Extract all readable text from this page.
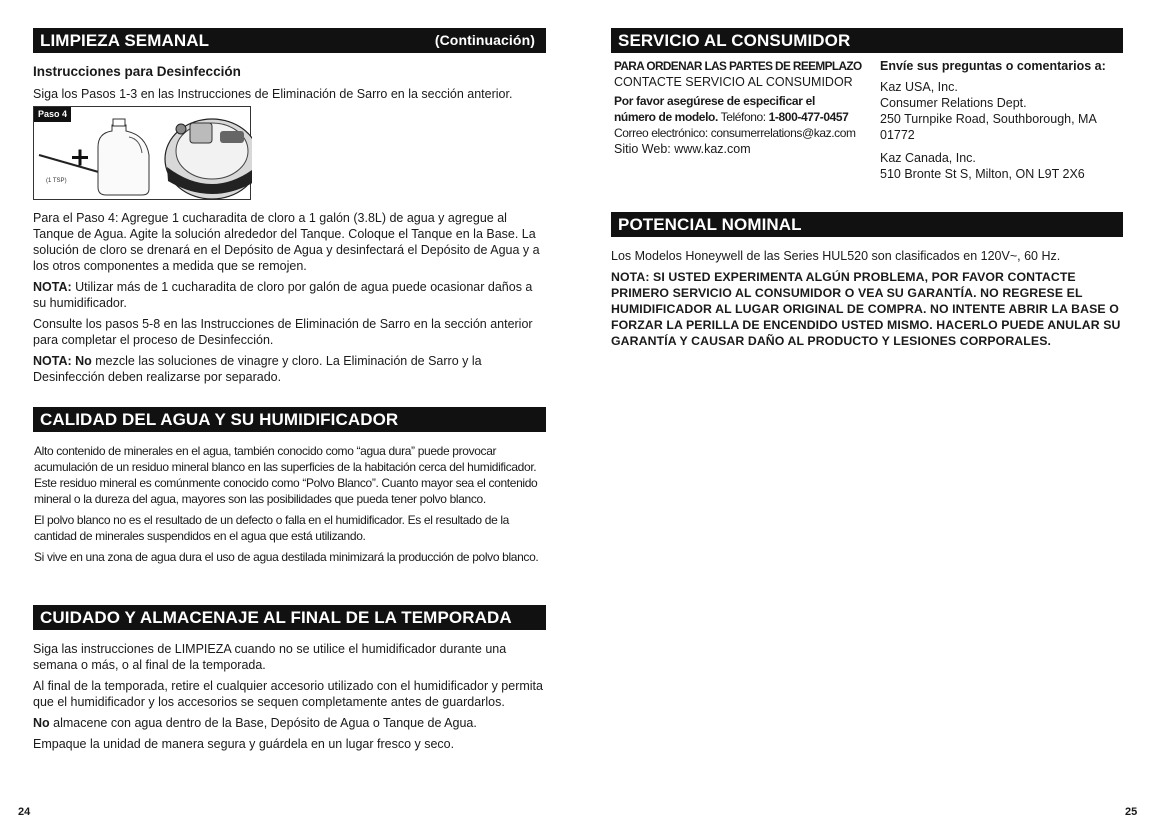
LIMPIEZA SEMANAL	(Continuación)

Instrucciones para Desinfección

Siga los Pasos 1-3 en las Instrucciones de Eliminación de Sarro en la sección anterior.

Paso 4
(1 TSP)

Para el Paso 4: Agregue 1 cucharadita de cloro a 1 galón (3.8L) de agua y agregue al Tanque de Agua. Agite la solución alrededor del Tanque. Coloque el Tanque en la Base. La solución de cloro se drenará en el Depósito de Agua y desinfectará el Depósito de Agua y a los otros componentes a medida que se remojen.

NOTA: Utilizar más de 1 cucharadita de cloro por galón de agua puede ocasionar daños a su humidificador.

Consulte los pasos 5-8 en las Instrucciones de Eliminación de Sarro en la sección anterior para completar el proceso de Desinfección.

NOTA: No mezcle las soluciones de vinagre y cloro. La Eliminación de Sarro y la Desinfección deben realizarse por separado.

CALIDAD DEL AGUA Y SU HUMIDIFICADOR

Alto contenido de minerales en el agua, también conocido como “agua dura” puede provocar acumulación de un residuo mineral blanco en las superficies de la habitación cerca del humidificador. Este residuo mineral es comúnmente conocido como “Polvo Blanco”. Cuanto mayor sea el contenido mineral o la dureza del agua, mayores son las posibilidades que pueda tener polvo blanco.

El polvo blanco no es el resultado de un defecto o falla en el humidificador. Es el resultado de la cantidad de minerales suspendidos en el agua que está utilizando.

Si vive en una zona de agua dura el uso de agua destilada minimizará la producción de polvo blanco.

CUIDADO Y ALMACENAJE AL FINAL DE LA TEMPORADA

Siga las instrucciones de LIMPIEZA cuando no se utilice el humidificador durante una semana o más, o al final de la temporada.

Al final de la temporada, retire el cualquier accesorio utilizado con el humidificador y permita que el humidificador y los accesorios se sequen completamente antes de guardarlos.

No almacene con agua dentro de la Base, Depósito de Agua o Tanque de Agua.

Empaque la unidad de manera segura y guárdela en un lugar fresco y seco.

24
SERVICIO AL CONSUMIDOR
PARA ORDENAR LAS PARTES DE REEMPLAZO
CONTACTE SERVICIO AL CONSUMIDOR
Por favor asegúrese de especificar el
número de modelo. Teléfono: 1-800-477-0457
Correo electrónico: consumerrelations@kaz.com
Sitio Web: www.kaz.com
Envíe sus preguntas o comentarios a:
Kaz USA, Inc.
Consumer Relations Dept.
250 Turnpike Road, Southborough, MA
01772
Kaz Canada, Inc.
510 Bronte St S, Milton, ON L9T 2X6
POTENCIAL NOMINAL

Los Modelos Honeywell de las Series HUL520 son clasificados en 120V~, 60 Hz.

NOTA: SI USTED EXPERIMENTA ALGÚN PROBLEMA, POR FAVOR CONTACTE PRIMERO SERVICIO AL CONSUMIDOR O VEA SU GARANTÍA. NO REGRESE EL HUMIDIFICADOR AL LUGAR ORIGINAL DE COMPRA. NO INTENTE ABRIR LA BASE O FORZAR LA PERILLA DE ENCENDIDO USTED MISMO. HACERLO PUEDE ANULAR SU GARANTÍA Y CAUSAR DAÑO AL PRODUCTO Y LESIONES CORPORALES.

25
